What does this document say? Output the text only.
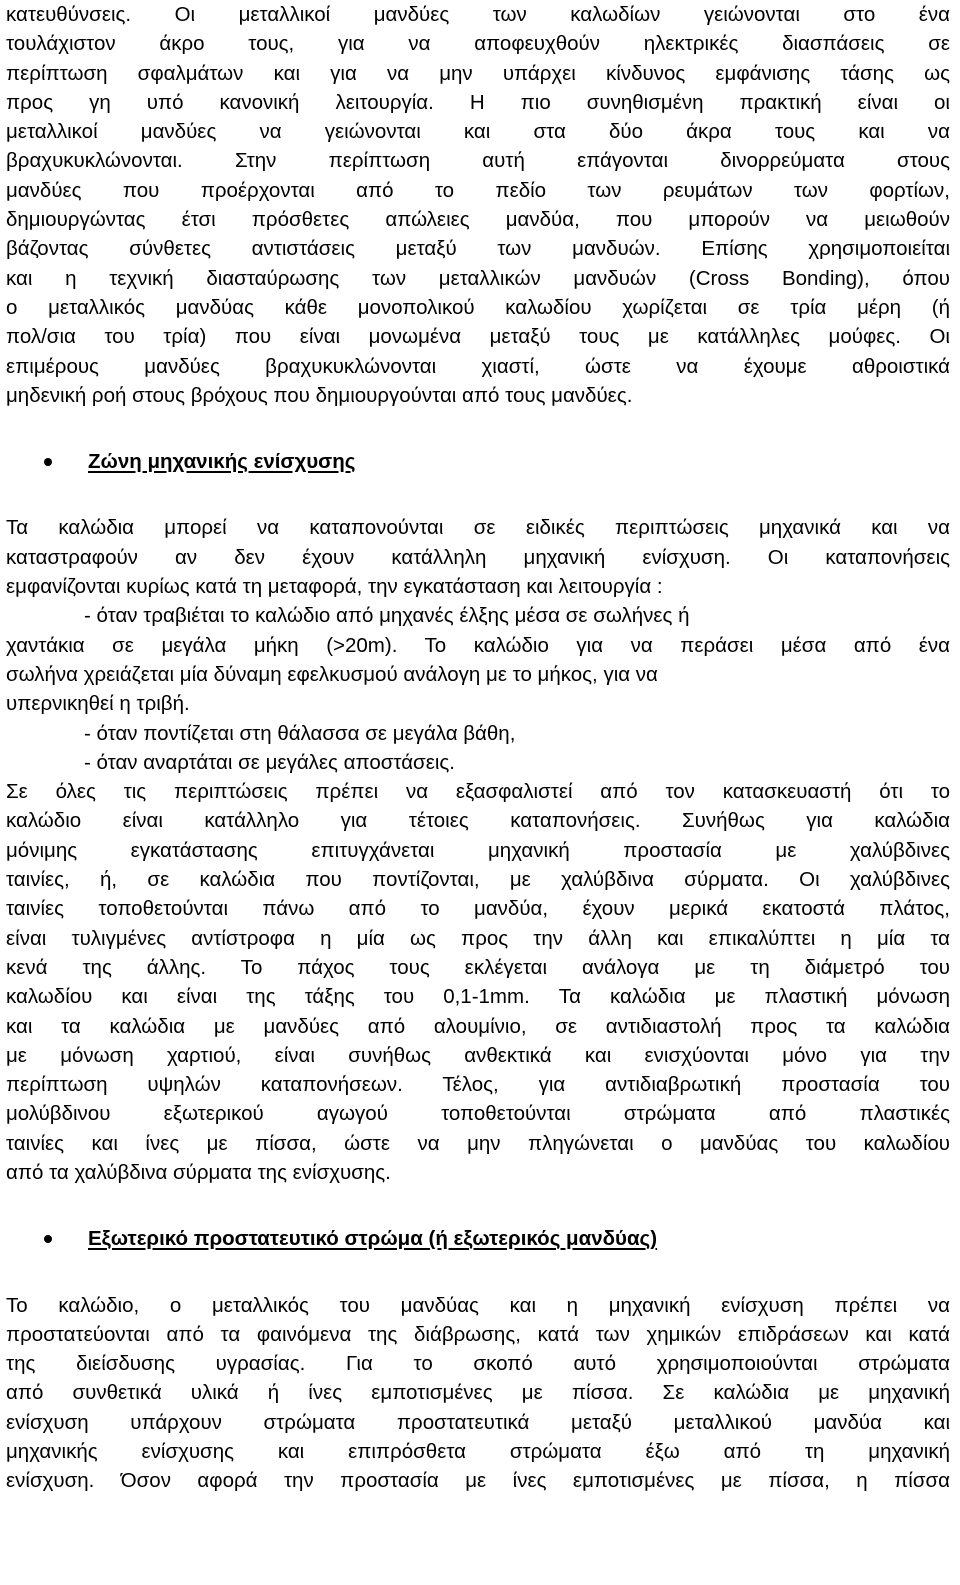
κατευθύνσεις. Οι μεταλλικοί μανδύες των καλωδίων γειώνονται στο ένα
τουλάχιστον άκρο τους, για να αποφευχθούν ηλεκτρικές διασπάσεις σε
περίπτωση σφαλμάτων και για να μην υπάρχει κίνδυνος εμφάνισης τάσης ως
προς γη υπό κανονική λειτουργία. Η πιο συνηθισμένη πρακτική είναι οι
μεταλλικοί μανδύες να γειώνονται και στα δύο άκρα τους και να
βραχυκυκλώνονται. Στην περίπτωση αυτή επάγονται δινορρεύματα στους
μανδύες που προέρχονται από το πεδίο των ρευμάτων των φορτίων,
δημιουργώντας έτσι πρόσθετες απώλειες μανδύα, που μπορούν να μειωθούν
βάζοντας σύνθετες αντιστάσεις μεταξύ των μανδυών. Επίσης χρησιμοποιείται
και η τεχνική διασταύρωσης των μεταλλικών μανδυών (Cross Bonding), όπου
ο μεταλλικός μανδύας κάθε μονοπολικού καλωδίου χωρίζεται σε τρία μέρη (ή
πολ/σια του τρία) που είναι μονωμένα μεταξύ τους με κατάλληλες μούφες. Οι
επιμέρους μανδύες βραχυκυκλώνονται χιαστί, ώστε να έχουμε αθροιστικά
μηδενική ροή στους βρόχους που δημιουργούνται από τους μανδύες.
Ζώνη μηχανικής ενίσχυσης
Τα καλώδια μπορεί να καταπονούνται σε ειδικές περιπτώσεις μηχανικά και να
καταστραφούν αν δεν έχουν κατάλληλη μηχανική ενίσχυση. Οι καταπονήσεις
εμφανίζονται κυρίως κατά τη μεταφορά, την εγκατάσταση και λειτουργία :
- όταν τραβιέται το καλώδιο από μηχανές έλξης μέσα σε σωλήνες ή
χαντάκια σε μεγάλα μήκη (>20m). Το καλώδιο για να περάσει μέσα από ένα
σωλήνα χρειάζεται μία δύναμη εφελκυσμού ανάλογη με το μήκος, για να
υπερνικηθεί η τριβή.
- όταν ποντίζεται στη θάλασσα σε μεγάλα βάθη,
- όταν αναρτάται σε μεγάλες αποστάσεις.
Σε όλες τις περιπτώσεις πρέπει να εξασφαλιστεί από τον κατασκευαστή ότι το
καλώδιο είναι κατάλληλο για τέτοιες καταπονήσεις. Συνήθως για καλώδια
μόνιμης εγκατάστασης επιτυγχάνεται μηχανική προστασία με χαλύβδινες
ταινίες, ή, σε καλώδια που ποντίζονται, με χαλύβδινα σύρματα. Οι χαλύβδινες
ταινίες τοποθετούνται πάνω από το μανδύα, έχουν μερικά εκατοστά πλάτος,
είναι τυλιγμένες αντίστροφα η μία ως προς την άλλη και επικαλύπτει η μία τα
κενά της άλλης. Το πάχος τους εκλέγεται ανάλογα με τη διάμετρό του
καλωδίου και είναι της τάξης του 0,1-1mm. Τα καλώδια με πλαστική μόνωση
και τα καλώδια με μανδύες από αλουμίνιο, σε αντιδιαστολή προς τα καλώδια
με μόνωση χαρτιού, είναι συνήθως ανθεκτικά και ενισχύονται μόνο για την
περίπτωση υψηλών καταπονήσεων. Τέλος, για αντιδιαβρωτική προστασία του
μολύβδινου εξωτερικού αγωγού τοποθετούνται στρώματα από πλαστικές
ταινίες και ίνες με πίσσα, ώστε να μην πληγώνεται ο μανδύας του καλωδίου
από τα χαλύβδινα σύρματα της ενίσχυσης.
Εξωτερικό προστατευτικό στρώμα (ή εξωτερικός μανδύας)
Το καλώδιο, ο μεταλλικός του μανδύας και η μηχανική ενίσχυση πρέπει να
προστατεύονται από τα φαινόμενα της διάβρωσης, κατά των χημικών επιδράσεων και κατά
της διείσδυσης υγρασίας. Για το σκοπό αυτό χρησιμοποιούνται στρώματα
από συνθετικά υλικά ή ίνες εμποτισμένες με πίσσα. Σε καλώδια με μηχανική
ενίσχυση υπάρχουν στρώματα προστατευτικά μεταξύ μεταλλικού μανδύα και
μηχανικής ενίσχυσης και επιπρόσθετα στρώματα έξω από τη μηχανική
ενίσχυση. Όσον αφορά την προστασία με ίνες εμποτισμένες με πίσσα, η πίσσα
